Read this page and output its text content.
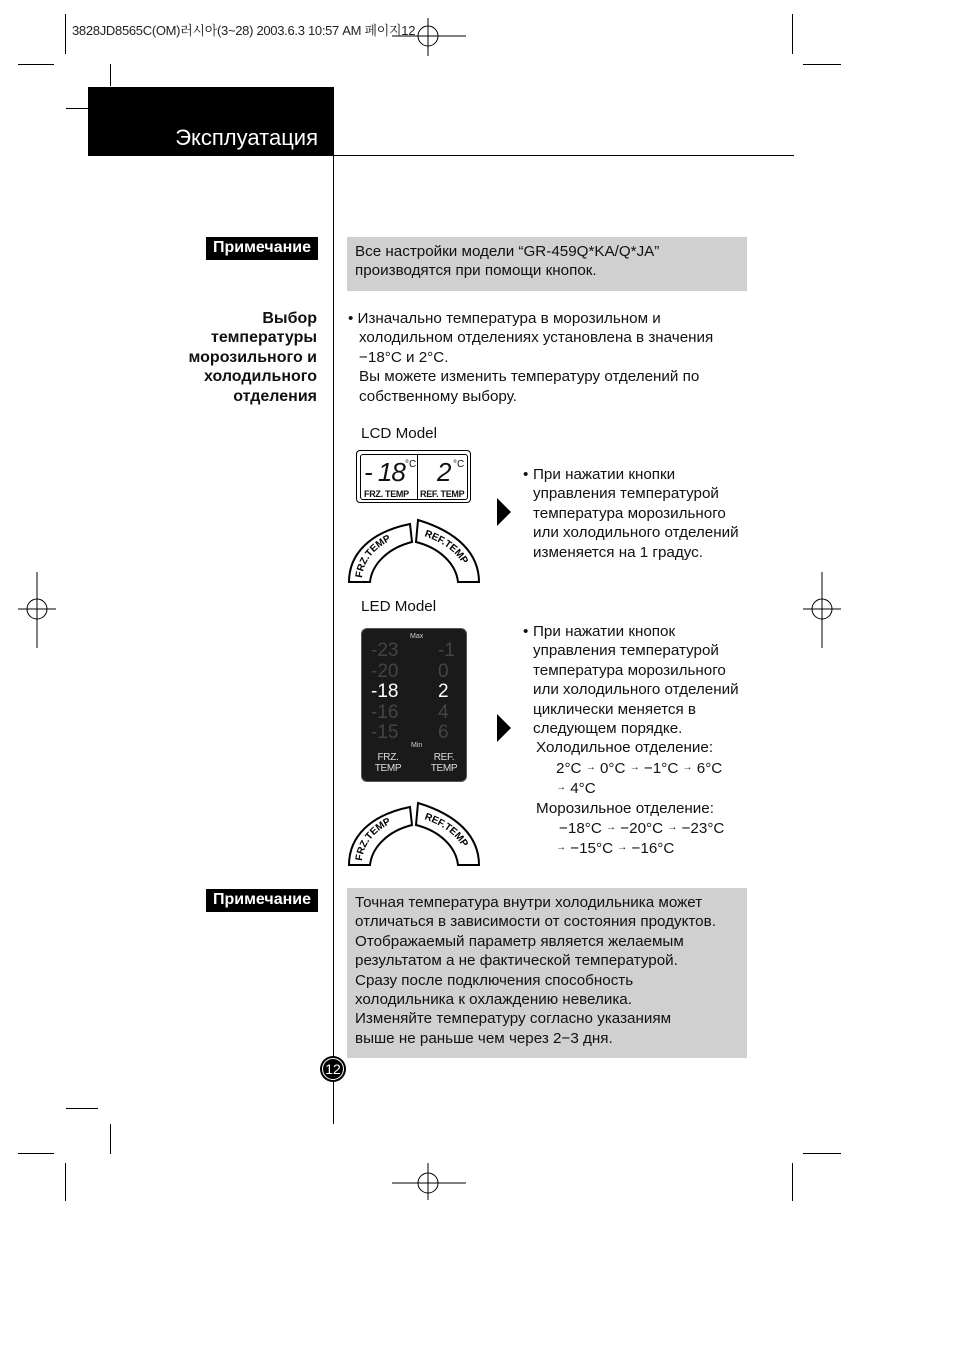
3828JD8565C(OM)러시아(3~28) 2003.6.3 10:57 AM 페이지12
Эксплуатация
Примечание	Все настройки модели “GR-459Q*KA/Q*JA”
производятся при помощи кнопок.
Выбор
температуры
морозильного и
холодильного
отделения
• Изначально температура в морозильном и
холодильном отделениях установлена в значения
−18°C и 2°C.
Вы можете изменить температуру отделений по
собственному выбору.
LCD Model
- 18 °C 2 °C
FRZ. TEMP REF. TEMP
FRZ.TEMP	REF.TEMP
• При нажатии кнопки
управления температурой
температура морозильного
или холодильного отделений
изменяется на 1 градус.
LED Model
Max
-23
-20
-18
-16
-15
-1
0
2
4
6
Min
FRZ.
TEMP
REF.
TEMP
FRZ.TEMP	REF.TEMP
• При нажатии кнопок
управления температурой
температура морозильного
или холодильного отделений
циклически меняется в
следующем порядке.
Холодильное отделение:
2°C → 0°C → −1°C → 6°C
→ 4°C
Морозильное отделение:
−18°C → −20°C → −23°C
→ −15°C → −16°C
Примечание	Точная температура внутри холодильника может
отличаться в зависимости от состояния продуктов.
Отображаемый параметр является желаемым
результатом а не фактической температурой.
Сразу после подключения способность
холодильника к охлаждению невелика.
Изменяйте температуру согласно указаниям
выше не раньше чем через 2−3 дня.
12
